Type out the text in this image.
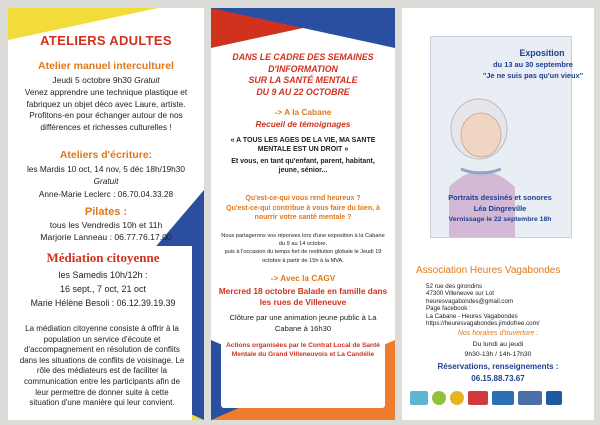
ATELIERS ADULTES
Atelier manuel interculturel
Jeudi 5 octobre 9h30 Gratuit
Venez apprendre une technique plastique et
fabriquez un objet déco avec Laure, artiste.
Profitons-en pour échanger autour de nos
différences et richesses culturelles !
Ateliers d'écriture:
les Mardis 10 oct, 14 nov, 5 déc 18h/19h30
Gratuit
Anne-Marie Leclerc : 06.70.04.33.28
Pilates :
tous les Vendredis 10h et 11h
Marjorie Lanneau : 06.77.76.17.00
Médiation citoyenne
les Samedis 10h/12h :
16 sept., 7 oct, 21 oct
Marie Hélène Besoli : 06.12.39.19.39
La médiation citoyenne consiste à offrir à la
population un service d'écoute et
d'accompagnement en résolution de conflits
dans les situations de conflits de voisinage. Le
rôle des médiateurs est de faciliter la
communication entre les participants afin de
leur permettre de donner suite à cette
situation d'une manière qui leur convient.
DANS LE CADRE DES SEMAINES
D'INFORMATION
SUR LA SANTÉ MENTALE
DU 9 AU 22 OCTOBRE
-> A la Cabane
Recueil de témoignages
« A TOUS LES AGES DE LA VIE, MA SANTE MENTALE EST UN DROIT »
Et vous, en tant qu'enfant, parent, habitant, jeune, sénior...
Qu'est-ce-qui vous rend heureux ?
Qu'est-ce-qui contribue à vous faire du bien, à nourrir votre santé mentale ?
Nous partagerons vos réponses lors d'une exposition à la Cabane
du 9 au 14 octobre,
puis à l'occasion du temps fort de restitution globale le Jeudi 19
octobre à partir de 15h à la MVA.
-> Avec la CAGV
Mercred 18 octobre Balade en famille dans les rues de Villeneuve
Clôture par une animation jeune public à La Cabane à 16h30
Actions organisées par le Contrat Local de Santé
Mentale du Grand Villeneuvois et La Candélie
Exposition
du 13 au 30 septembre
"Je ne suis pas qu'un vieux"
Portraits dessinés et sonores
Léa Dingreville
Vernissage le 22 septembre 18h
Association Heures Vagabondes
52 rue des girondins
47300 Villeneuve sur Lot
heuresvagabondes@gmail.com
Page facebook :
La Cabane - Heures Vagabondes
https://heuresvagabondes.jimdofree.com/
Nos horaires d'ouverture :
Du lundi au jeudi
9h30-13h / 14h-17h30
Réservations, renseignements :
06.15.88.73.67
